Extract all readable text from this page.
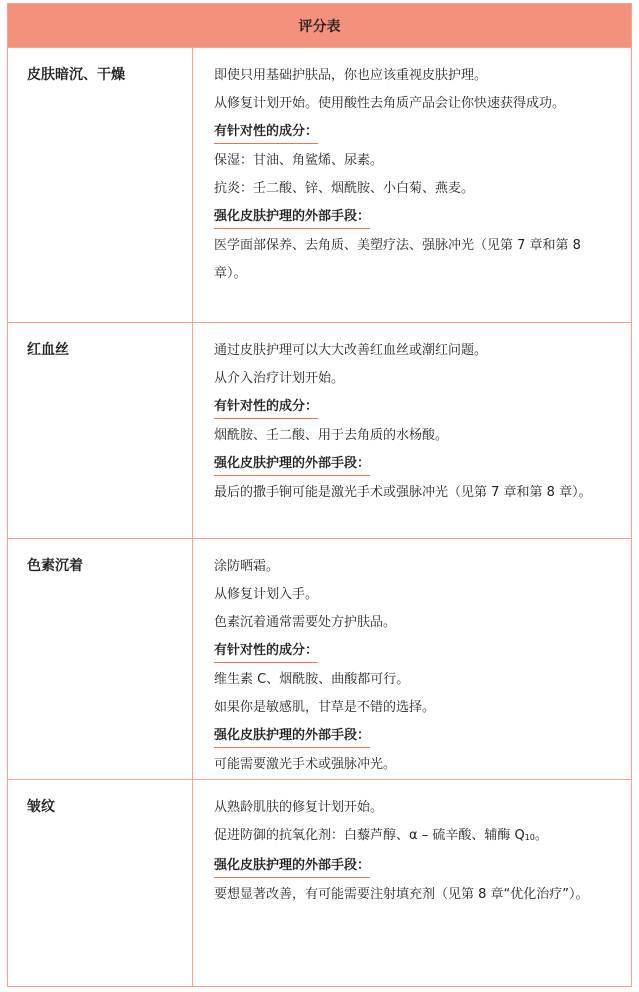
评分表
皮肤暗沉、干燥	即使只用基础护肤品，你也应该重视皮肤护理。
从修复计划开始。使用酸性去角质产品会让你快速获得成功。
有针对性的成分：
保湿：甘油、角鲨烯、尿素。
抗炎：壬二酸、锌、烟酰胺、小白菊、燕麦。
强化皮肤护理的外部手段：
医学面部保养、去角质、美塑疗法、强脉冲光（见第 7 章和第 8 章）。
红血丝	通过皮肤护理可以大大改善红血丝或潮红问题。
从介入治疗计划开始。
有针对性的成分：
烟酰胺、壬二酸、用于去角质的水杨酸。
强化皮肤护理的外部手段：
最后的撒手锏可能是激光手术或强脉冲光（见第 7 章和第 8 章）。
色素沉着	涂防晒霜。
从修复计划入手。
色素沉着通常需要处方护肤品。
有针对性的成分：
维生素 C、烟酰胺、曲酸都可行。
如果你是敏感肌，甘草是不错的选择。
强化皮肤护理的外部手段：
可能需要激光手术或强脉冲光。
皱纹	从熟龄肌肤的修复计划开始。
促进防御的抗氧化剂：白藜芦醇、α – 硫辛酸、辅酶 $Q_{10}$。
强化皮肤护理的外部手段：
要想显著改善，有可能需要注射填充剂（见第 8 章“优化治疗”）。
